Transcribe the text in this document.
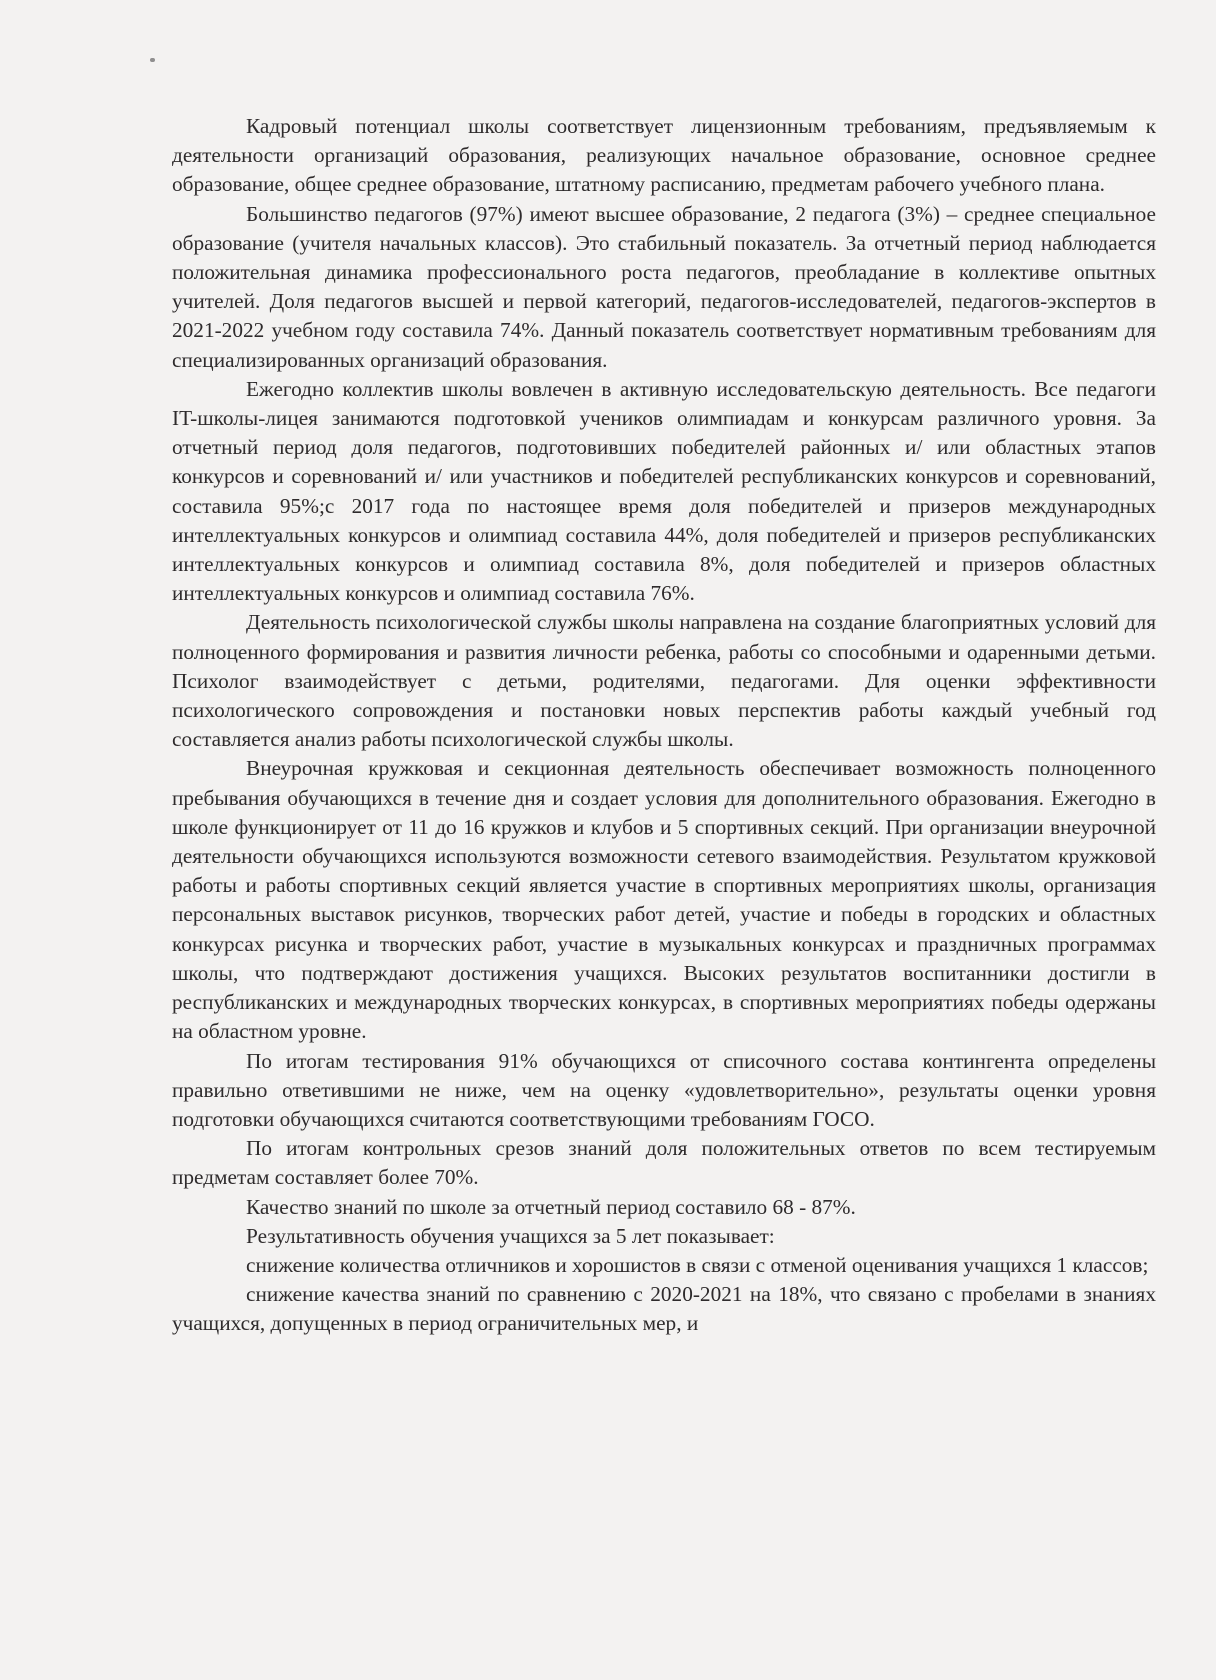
Кадровый потенциал школы соответствует лицензионным требованиям, предъявляемым к деятельности организаций образования, реализующих начальное образование, основное среднее образование, общее среднее образование, штатному расписанию, предметам рабочего учебного плана.

Большинство педагогов (97%) имеют высшее образование, 2 педагога (3%) – среднее специальное образование (учителя начальных классов). Это стабильный показатель. За отчетный период наблюдается положительная динамика профессионального роста педагогов, преобладание в коллективе опытных учителей. Доля педагогов высшей и первой категорий, педагогов-исследователей, педагогов-экспертов в 2021-2022 учебном году составила 74%. Данный показатель соответствует нормативным требованиям для специализированных организаций образования.

Ежегодно коллектив школы вовлечен в активную исследовательскую деятельность. Все педагоги IT-школы-лицея занимаются подготовкой учеников олимпиадам и конкурсам различного уровня. За отчетный период доля педагогов, подготовивших победителей районных и/ или областных этапов конкурсов и соревнований и/ или участников и победителей республиканских конкурсов и соревнований, составила 95%;с 2017 года по настоящее время доля победителей и призеров международных интеллектуальных конкурсов и олимпиад составила 44%, доля победителей и призеров республиканских интеллектуальных конкурсов и олимпиад составила 8%, доля победителей и призеров областных интеллектуальных конкурсов и олимпиад составила 76%.

Деятельность психологической службы школы направлена на создание благоприятных условий для полноценного формирования и развития личности ребенка, работы со способными и одаренными детьми. Психолог взаимодействует с детьми, родителями, педагогами. Для оценки эффективности психологического сопровождения и постановки новых перспектив работы каждый учебный год составляется анализ работы психологической службы школы.

Внеурочная кружковая и секционная деятельность обеспечивает возможность полноценного пребывания обучающихся в течение дня и создает условия для дополнительного образования. Ежегодно в школе функционирует от 11 до 16 кружков и клубов и 5 спортивных секций. При организации внеурочной деятельности обучающихся используются возможности сетевого взаимодействия. Результатом кружковой работы и работы спортивных секций является участие в спортивных мероприятиях школы, организация персональных выставок рисунков, творческих работ детей, участие и победы в городских и областных конкурсах рисунка и творческих работ, участие в музыкальных конкурсах и праздничных программах школы, что подтверждают достижения учащихся. Высоких результатов воспитанники достигли в республиканских и международных творческих конкурсах, в спортивных мероприятиях победы одержаны на областном уровне.

По итогам тестирования 91% обучающихся от списочного состава контингента определены правильно ответившими не ниже, чем на оценку «удовлетворительно», результаты оценки уровня подготовки обучающихся считаются соответствующими требованиям ГОСО.

По итогам контрольных срезов знаний доля положительных ответов по всем тестируемым предметам составляет более 70%.

Качество знаний по школе за отчетный период составило 68 - 87%.

Результативность обучения учащихся за 5 лет показывает:

снижение количества отличников и хорошистов в связи с отменой оценивания учащихся 1 классов;

снижение качества знаний по сравнению с 2020-2021 на 18%, что связано с пробелами в знаниях учащихся, допущенных в период ограничительных мер, и
